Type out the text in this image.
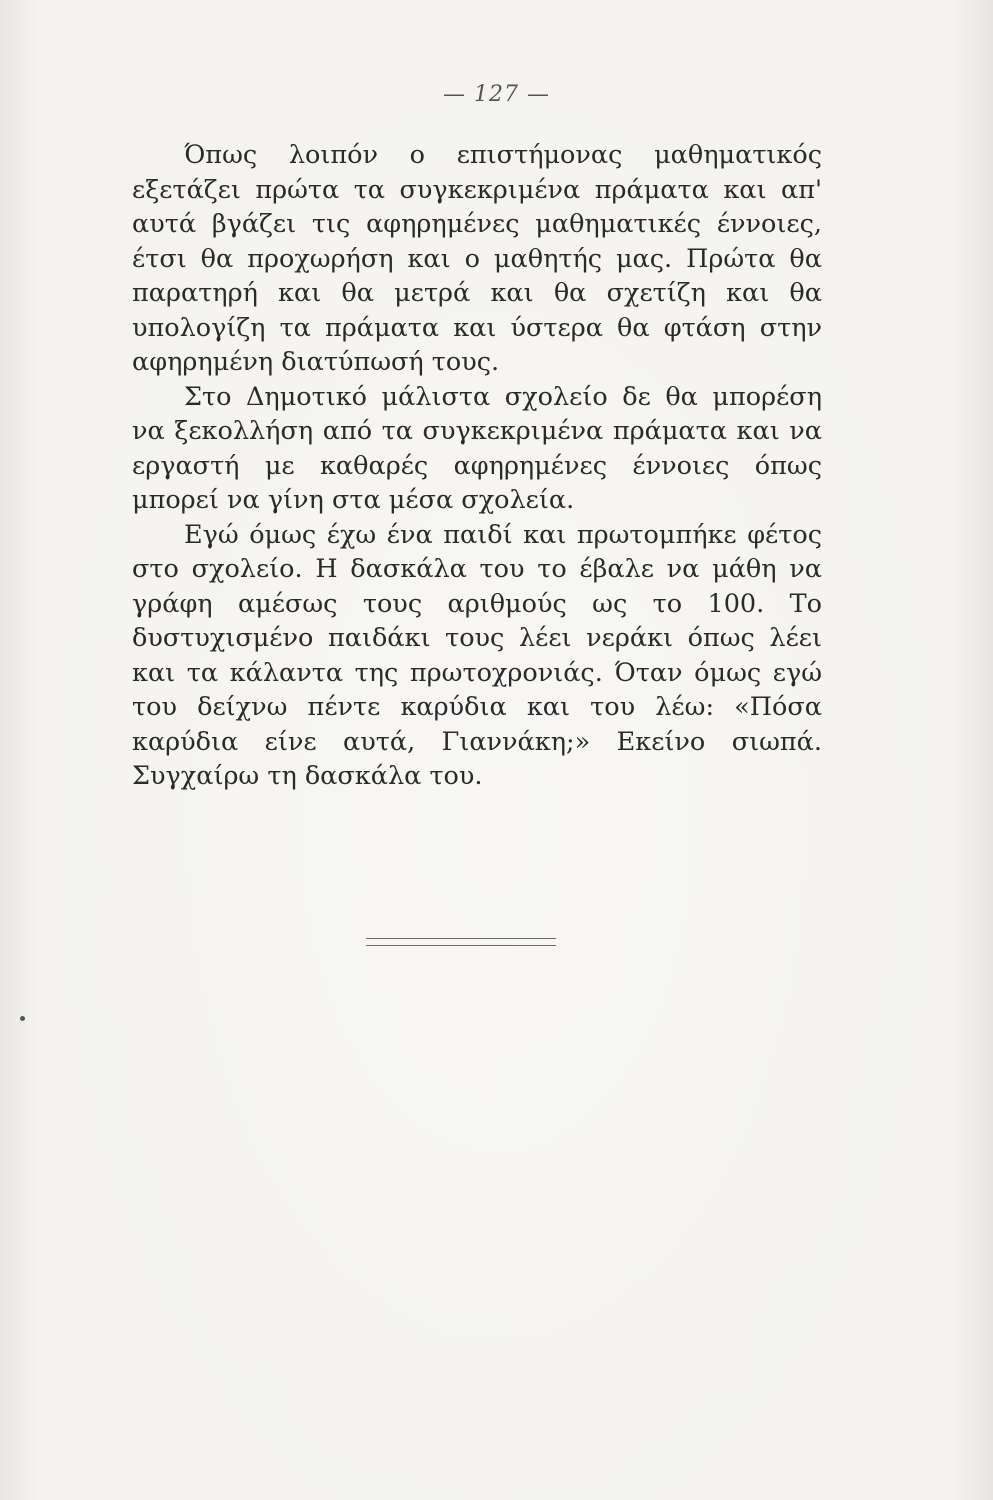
— 127 —

Όπως λοιπόν ο επιστήμονας μαθηματικός εξετάζει πρώτα τα συγκεκριμένα πράματα και απ' αυτά βγάζει τις αφηρημένες μαθηματικές έννοιες, έτσι θα προχωρήση και ο μαθητής μας. Πρώτα θα παρατηρή και θα μετρά και θα σχετίζη και θα υπολογίζη τα πράματα και ύστερα θα φτάση στην αφηρημένη διατύπωσή τους.

Στο Δημοτικό μάλιστα σχολείο δε θα μπορέση να ξεκολλήση από τα συγκεκριμένα πράματα και να εργαστή με καθαρές αφηρημένες έννοιες όπως μπορεί να γίνη στα μέσα σχολεία.

Εγώ όμως έχω ένα παιδί και πρωτομπήκε φέτος στο σχολείο. Η δασκάλα του το έβαλε να μάθη να γράφη αμέσως τους αριθμούς ως το 100. Το δυστυχισμένο παιδάκι τους λέει νεράκι όπως λέει και τα κάλαντα της πρωτοχρονιάς. Όταν όμως εγώ του δείχνω πέντε καρύδια και του λέω: «Πόσα καρύδια είνε αυτά, Γιαννάκη;» Εκείνο σιωπά. Συγχαίρω τη δασκάλα του.
